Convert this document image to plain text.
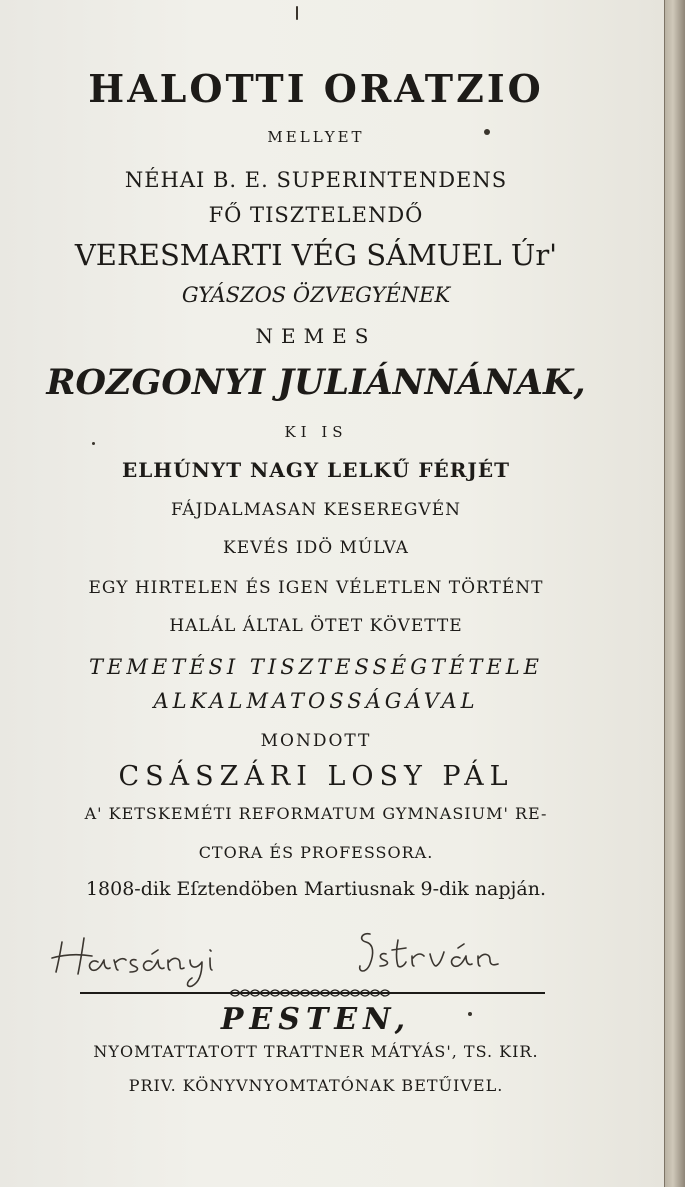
HALOTTI ORATZIO
MELLYET
NÉHAI B. E. SUPERINTENDENS
FŐ TISZTELENDŐ
VERESMARTI VÉG SÁMUEL Úr'
GYÁSZOS ÖZVEGYÉNEK
NEMES
ROZGONYI JULIÁNNÁNAK,
KI IS
ELHÚNYT NAGY LELKŰ FÉRJÉT
FÁJDALMASAN KESEREGVÉN
KEVÉS IDÖ MÚLVA
EGY HIRTELEN ÉS IGEN VÉLETLEN TÖRTÉNT
HALÁL ÁLTAL ÖTET KÖVETTE
TEMETÉSI TISZTESSÉGTÉTELE
ALKALMATOSSÁGÁVAL
MONDOTT
CSÁSZÁRI LOSY PÁL
A' KETSKEMÉTI REFORMATUM GYMNASIUM' RE-
CTORA ÉS PROFESSORA.
1808-dik Eſztendöben Martiusnak 9-dik napján.
PESTEN,
NYOMTATTATOTT TRATTNER MÁTYÁS', TS. KIR.
PRIV. KÖNYVNYOMTATÓNAK BETŰIVEL.
